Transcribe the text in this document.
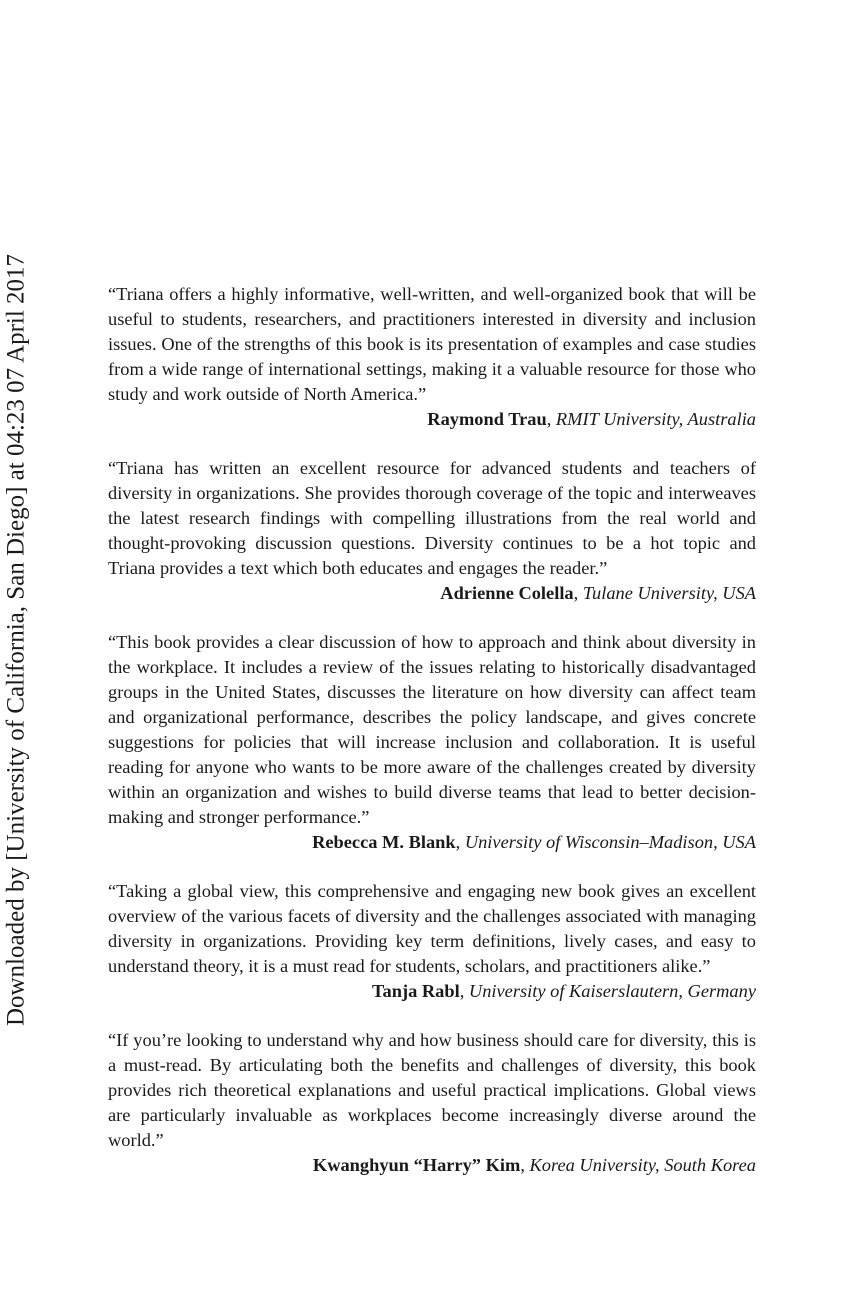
Downloaded by [University of California, San Diego] at 04:23 07 April 2017	“Triana offers a highly informative, well-written, and well-organized book that will be useful to students, researchers, and practitioners interested in diversity and inclusion issues. One of the strengths of this book is its presentation of examples and case studies from a wide range of international settings, making it a valuable resource for those who study and work outside of North America.”

Raymond Trau, RMIT University, Australia

“Triana has written an excellent resource for advanced students and teachers of diversity in organizations. She provides thorough coverage of the topic and interweaves the latest research findings with compelling illustrations from the real world and thought-provoking discussion questions. Diversity continues to be a hot topic and Triana provides a text which both educates and engages the reader.”

Adrienne Colella, Tulane University, USA

“This book provides a clear discussion of how to approach and think about diversity in the workplace. It includes a review of the issues relating to historically disadvantaged groups in the United States, discusses the literature on how diversity can affect team and organizational performance, describes the policy landscape, and gives concrete suggestions for policies that will increase inclusion and collaboration. It is useful reading for anyone who wants to be more aware of the challenges created by diversity within an organization and wishes to build diverse teams that lead to better decision-making and stronger performance.”

Rebecca M. Blank, University of Wisconsin–Madison, USA

“Taking a global view, this comprehensive and engaging new book gives an excellent overview of the various facets of diversity and the challenges associated with managing diversity in organizations. Providing key term definitions, lively cases, and easy to understand theory, it is a must read for students, scholars, and practitioners alike.”

Tanja Rabl, University of Kaiserslautern, Germany

“If you’re looking to understand why and how business should care for diversity, this is a must-read. By articulating both the benefits and challenges of diversity, this book provides rich theoretical explanations and useful practical implications. Global views are particularly invaluable as workplaces become increasingly diverse around the world.”

Kwanghyun “Harry” Kim, Korea University, South Korea
